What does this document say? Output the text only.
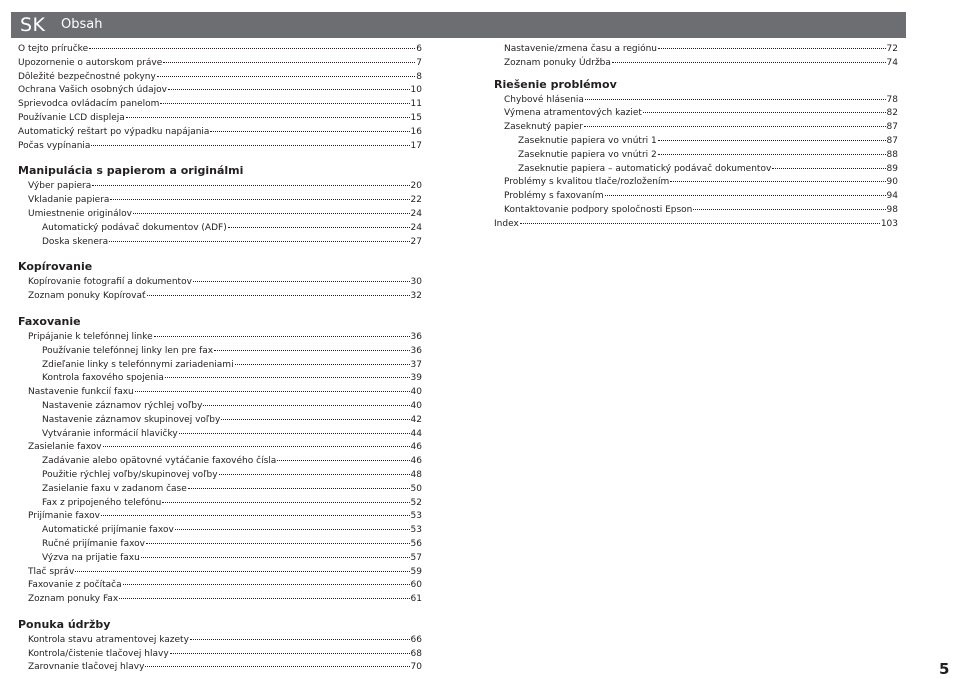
SK Obsah
O tejto príručke	6
Upozornenie o autorskom práve	7
Dôležité bezpečnostné pokyny	8
Ochrana Vašich osobných údajov	10
Sprievodca ovládacím panelom	11
Používanie LCD displeja	15
Automatický reštart po výpadku napájania	16
Počas vypínania	17
Manipulácia s papierom a originálmi
Výber papiera	20
Vkladanie papiera	22
Umiestnenie originálov	24
Automatický podávač dokumentov (ADF)	24
Doska skenera	27
Kopírovanie
Kopírovanie fotografií a dokumentov	30
Zoznam ponuky Kopírovať	32
Faxovanie
Pripájanie k telefónnej linke	36
Používanie telefónnej linky len pre fax	36
Zdieľanie linky s telefónnymi zariadeniami	37
Kontrola faxového spojenia	39
Nastavenie funkcií faxu	40
Nastavenie záznamov rýchlej voľby	40
Nastavenie záznamov skupinovej voľby	42
Vytváranie informácií hlavičky	44
Zasielanie faxov	46
Zadávanie alebo opätovné vytáčanie faxového čísla	46
Použitie rýchlej voľby/skupinovej voľby	48
Zasielanie faxu v zadanom čase	50
Fax z pripojeného telefónu	52
Prijímanie faxov	53
Automatické prijímanie faxov	53
Ručné prijímanie faxov	56
Výzva na prijatie faxu	57
Tlač správ	59
Faxovanie z počítača	60
Zoznam ponuky Fax	61
Ponuka údržby
Kontrola stavu atramentovej kazety	66
Kontrola/čistenie tlačovej hlavy	68
Zarovnanie tlačovej hlavy	70
Nastavenie/zmena času a regiónu	72
Zoznam ponuky Údržba	74
Riešenie problémov
Chybové hlásenia	78
Výmena atramentových kaziet	82
Zaseknutý papier	87
Zaseknutie papiera vo vnútri 1	87
Zaseknutie papiera vo vnútri 2	88
Zaseknutie papiera – automatický podávač dokumentov	89
Problémy s kvalitou tlače/rozložením	90
Problémy s faxovaním	94
Kontaktovanie podpory spoločnosti Epson	98
Index	103
5
